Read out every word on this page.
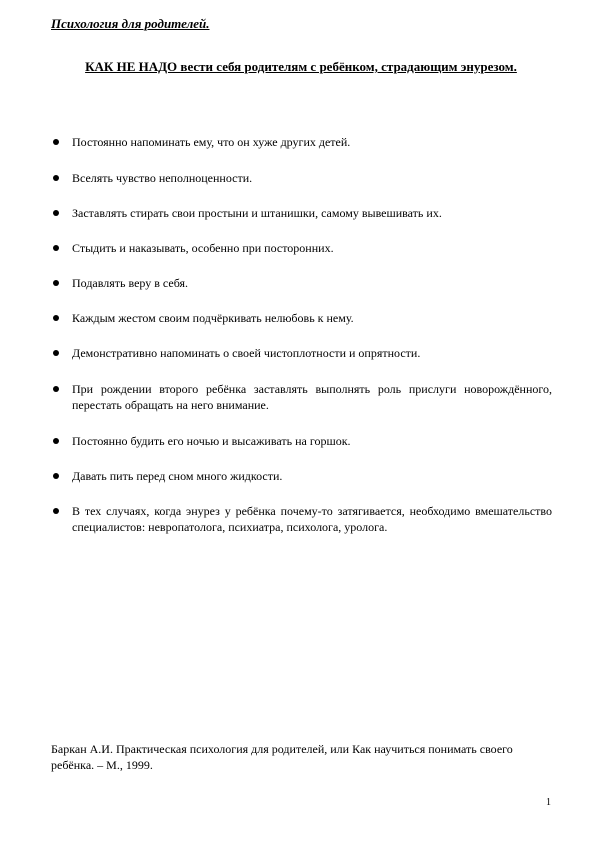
Психология для родителей.
КАК НЕ НАДО вести себя родителям с ребёнком, страдающим энурезом.
Постоянно напоминать ему, что он хуже других детей.
Вселять чувство неполноценности.
Заставлять стирать свои простыни и штанишки, самому вывешивать их.
Стыдить и наказывать, особенно при посторонних.
Подавлять веру в себя.
Каждым жестом своим подчёркивать нелюбовь к нему.
Демонстративно напоминать о своей чистоплотности и опрятности.
При рождении второго ребёнка заставлять выполнять роль прислуги новорождённого, перестать обращать на него внимание.
Постоянно будить его ночью и высаживать на горшок.
Давать пить перед сном много жидкости.
В тех случаях, когда энурез у ребёнка почему-то затягивается, необходимо вмешательство специалистов: невропатолога, психиатра, психолога, уролога.
Баркан А.И. Практическая психология для родителей, или Как научиться понимать своего ребёнка. – М., 1999.
1
